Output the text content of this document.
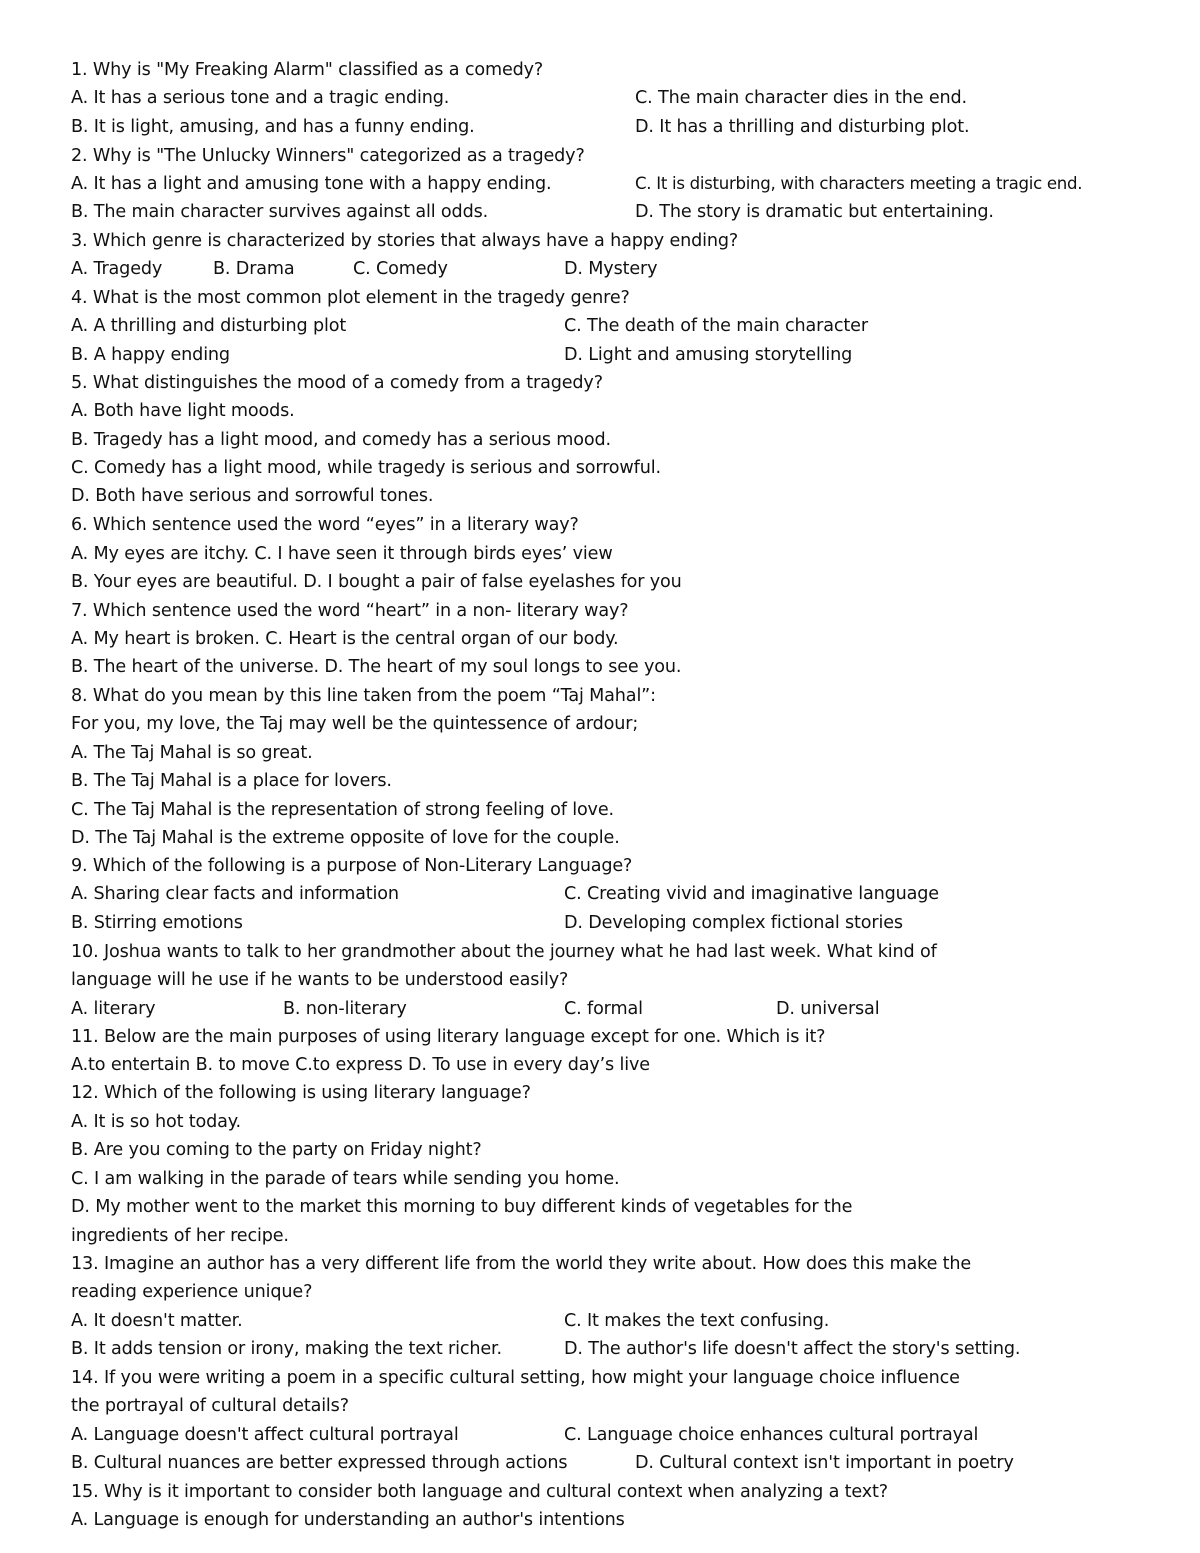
1. Why is "My Freaking Alarm" classified as a comedy?
A. It has a serious tone and a tragic ending.	C. The main character dies in the end.
B. It is light, amusing, and has a funny ending.	D. It has a thrilling and disturbing plot.
2. Why is "The Unlucky Winners" categorized as a tragedy?
A. It has a light and amusing tone with a happy ending.	C. It is disturbing, with characters meeting a tragic end.
B. The main character survives against all odds.	D. The story is dramatic but entertaining.
3. Which genre is characterized by stories that always have a happy ending?
A. Tragedy	B. Drama	C. Comedy	D. Mystery
4. What is the most common plot element in the tragedy genre?
A. A thrilling and disturbing plot	C. The death of the main character
B. A happy ending	D. Light and amusing storytelling
5. What distinguishes the mood of a comedy from a tragedy?
A. Both have light moods.
B. Tragedy has a light mood, and comedy has a serious mood.
C. Comedy has a light mood, while tragedy is serious and sorrowful.
D. Both have serious and sorrowful tones.
6. Which sentence used the word “eyes” in a literary way?
A. My eyes are itchy. C. I have seen it through birds eyes’ view
B. Your eyes are beautiful. D. I bought a pair of false eyelashes for you
7. Which sentence used the word “heart” in a non- literary way?
A. My heart is broken. C. Heart is the central organ of our body.
B. The heart of the universe. D. The heart of my soul longs to see you.
8. What do you mean by this line taken from the poem “Taj Mahal”:
For you, my love, the Taj may well be the quintessence of ardour;
A. The Taj Mahal is so great.
B. The Taj Mahal is a place for lovers.
C. The Taj Mahal is the representation of strong feeling of love.
D. The Taj Mahal is the extreme opposite of love for the couple.
9. Which of the following is a purpose of Non-Literary Language?
A. Sharing clear facts and information	C. Creating vivid and imaginative language
B. Stirring emotions	D. Developing complex fictional stories
10. Joshua wants to talk to her grandmother about the journey what he had last week. What kind of
language will he use if he wants to be understood easily?
A. literary	B. non-literary	C. formal	D. universal
11. Below are the main purposes of using literary language except for one. Which is it?
A.to entertain B. to move C.to express D. To use in every day’s live
12. Which of the following is using literary language?
A. It is so hot today.
B. Are you coming to the party on Friday night?
C. I am walking in the parade of tears while sending you home.
D. My mother went to the market this morning to buy different kinds of vegetables for the
ingredients of her recipe.
13. Imagine an author has a very different life from the world they write about. How does this make the
reading experience unique?
A. It doesn't matter.	C. It makes the text confusing.
B. It adds tension or irony, making the text richer.	D. The author's life doesn't affect the story's setting.
14. If you were writing a poem in a specific cultural setting, how might your language choice influence
the portrayal of cultural details?
A. Language doesn't affect cultural portrayal	C. Language choice enhances cultural portrayal
B. Cultural nuances are better expressed through actions	D. Cultural context isn't important in poetry
15. Why is it important to consider both language and cultural context when analyzing a text?
A. Language is enough for understanding an author's intentions
